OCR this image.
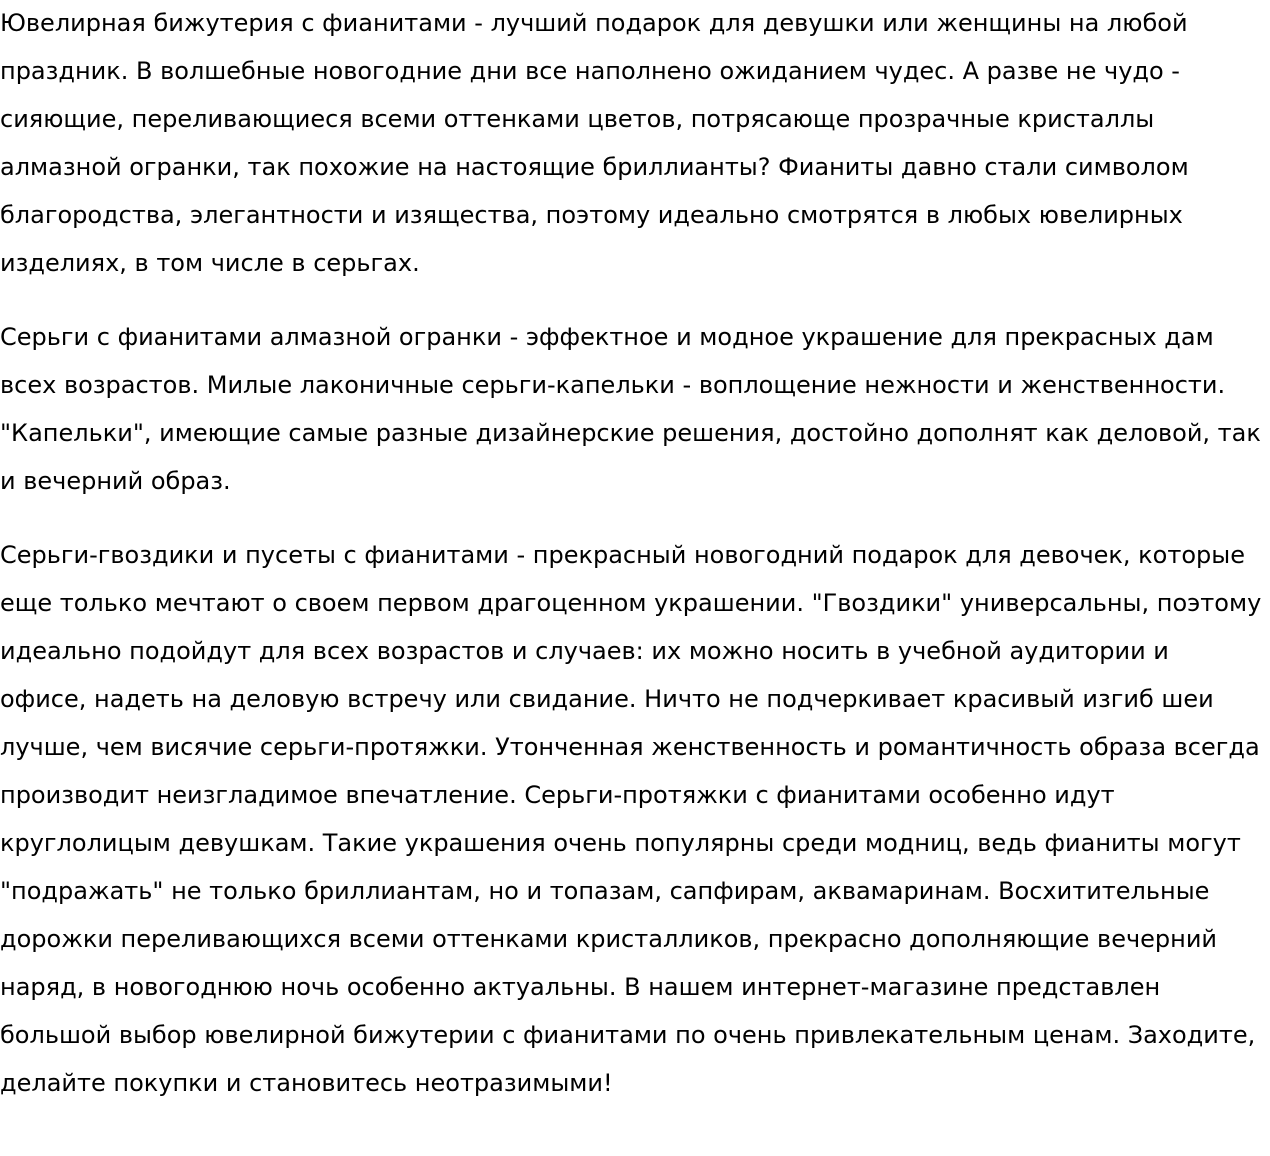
Ювелирная бижутерия с фианитами - лучший подарок для девушки или женщины на любой праздник. В волшебные новогодние дни все наполнено ожиданием чудес. А разве не чудо - сияющие, переливающиеся всеми оттенками цветов, потрясающе прозрачные кристаллы алмазной огранки, так похожие на настоящие бриллианты? Фианиты давно стали символом благородства, элегантности и изящества, поэтому идеально смотрятся в любых ювелирных изделиях, в том числе в серьгах.

Серьги с фианитами алмазной огранки - эффектное и модное украшение для прекрасных дам всех возрастов. Милые лаконичные серьги-капельки - воплощение нежности и женственности. "Капельки", имеющие самые разные дизайнерские решения, достойно дополнят как деловой, так и вечерний образ.

Серьги-гвоздики и пусеты с фианитами - прекрасный новогодний подарок для девочек, которые еще только мечтают о своем первом драгоценном украшении. "Гвоздики" универсальны, поэтому идеально подойдут для всех возрастов и случаев: их можно носить в учебной аудитории и офисе, надеть на деловую встречу или свидание. Ничто не подчеркивает красивый изгиб шеи лучше, чем висячие серьги-протяжки. Утонченная женственность и романтичность образа всегда производит неизгладимое впечатление. Серьги-протяжки с фианитами особенно идут круглолицым девушкам. Такие украшения очень популярны среди модниц, ведь фианиты могут "подражать" не только бриллиантам, но и топазам, сапфирам, аквамаринам. Восхитительные дорожки переливающихся всеми оттенками кристалликов, прекрасно дополняющие вечерний наряд, в новогоднюю ночь особенно актуальны. В нашем интернет-магазине представлен большой выбор ювелирной бижутерии с фианитами по очень привлекательным ценам. Заходите, делайте покупки и становитесь неотразимыми!
